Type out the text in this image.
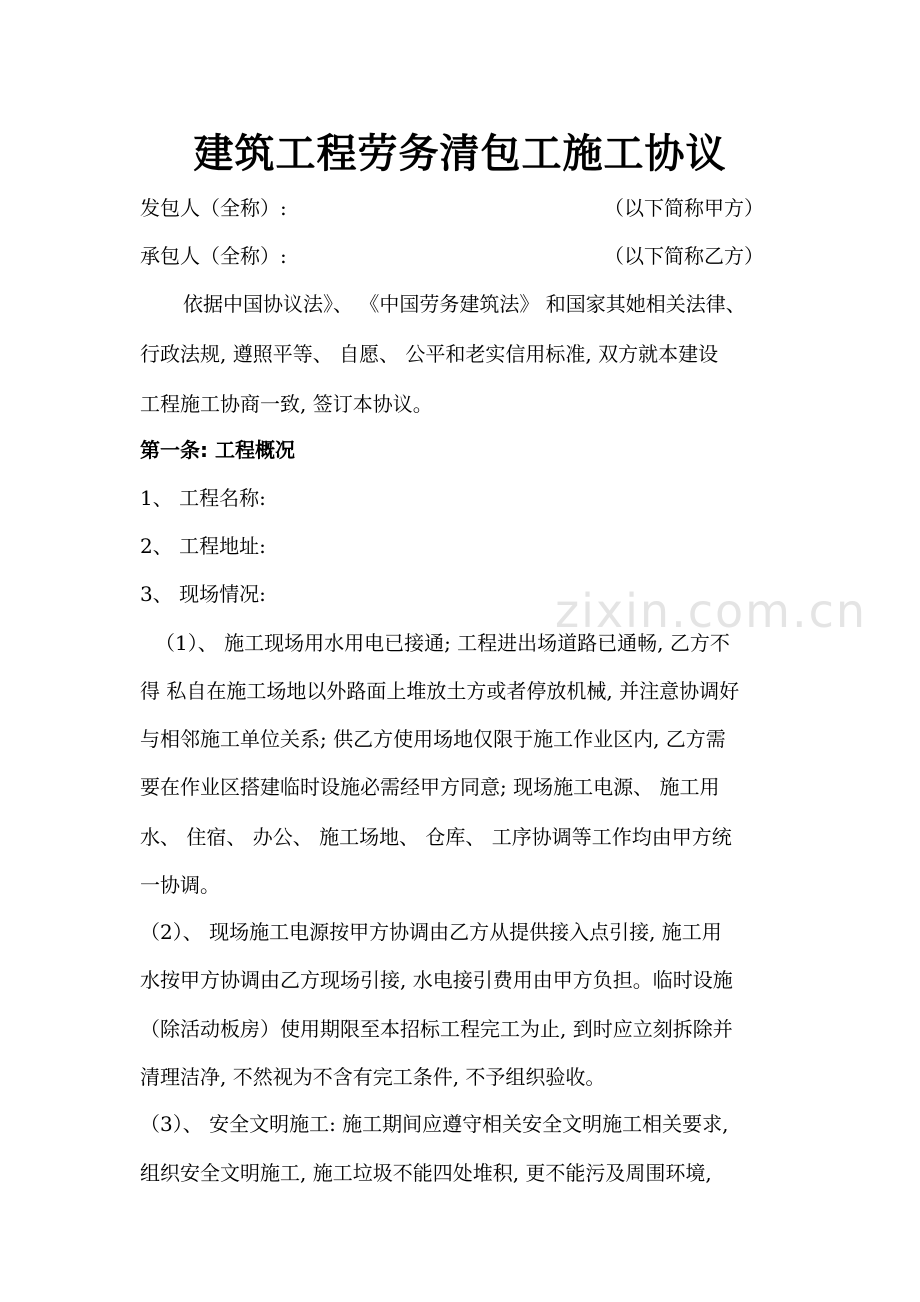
建筑工程劳务清包工施工协议
发包人（全称）:	（以下简称甲方）
承包人（全称）:	（以下简称乙方）
依据中国协议法》、 《中国劳务建筑法》 和国家其她相关法律、
行政法规, 遵照平等、 自愿、 公平和老实信用标准, 双方就本建设
工程施工协商一致, 签订本协议。
第一条: 工程概况
1、 工程名称:
2、 工程地址:
3、 现场情况:	zixin.com.cn
（1）、 施工现场用水用电已接通; 工程进出场道路已通畅, 乙方不
得 私自在施工场地以外路面上堆放土方或者停放机械, 并注意协调好
与相邻施工单位关系; 供乙方使用场地仅限于施工作业区内, 乙方需
要在作业区搭建临时设施必需经甲方同意; 现场施工电源、 施工用
水、 住宿、 办公、 施工场地、 仓库、 工序协调等工作均由甲方统
一协调。
（2）、 现场施工电源按甲方协调由乙方从提供接入点引接, 施工用
水按甲方协调由乙方现场引接, 水电接引费用由甲方负担。临时设施
（除活动板房）使用期限至本招标工程完工为止, 到时应立刻拆除并
清理洁净, 不然视为不含有完工条件, 不予组织验收。
（3）、 安全文明施工: 施工期间应遵守相关安全文明施工相关要求,
组织安全文明施工, 施工垃圾不能四处堆积, 更不能污及周围环境,
